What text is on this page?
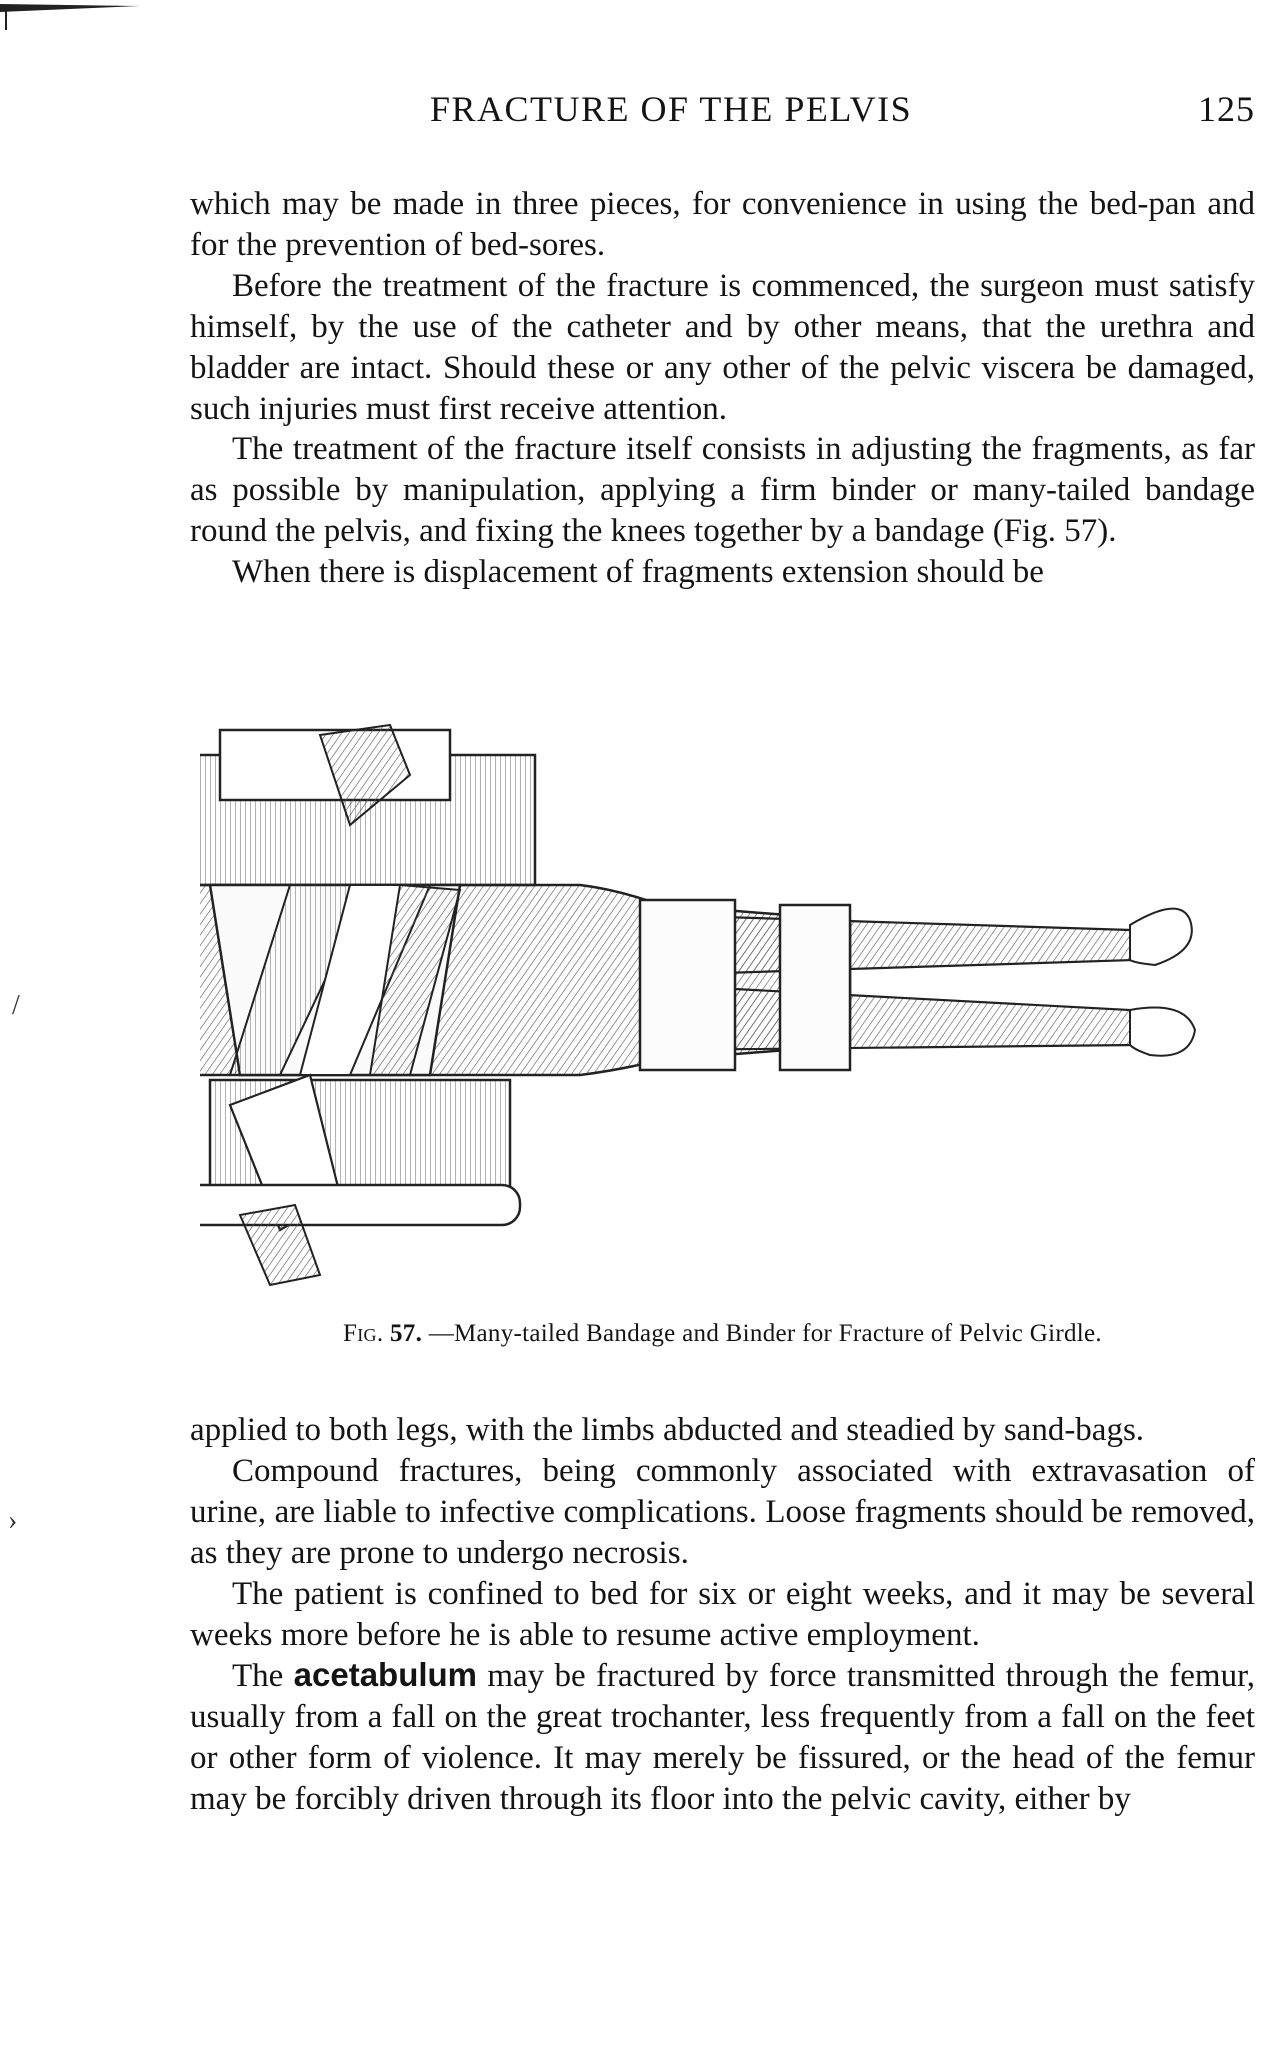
FRACTURE OF THE PELVIS	125

which may be made in three pieces, for convenience in using the bed-pan and for the prevention of bed-sores.

Before the treatment of the fracture is commenced, the surgeon must satisfy himself, by the use of the catheter and by other means, that the urethra and bladder are intact. Should these or any other of the pelvic viscera be damaged, such injuries must first receive attention.

The treatment of the fracture itself consists in adjusting the fragments, as far as possible by manipulation, applying a firm binder or many-tailed bandage round the pelvis, and fixing the knees together by a bandage (Fig. 57).

When there is displacement of fragments extension should be

Fig. 57. —Many-tailed Bandage and Binder for Fracture of Pelvic Girdle.

applied to both legs, with the limbs abducted and steadied by sand-bags.

Compound fractures, being commonly associated with extravasation of urine, are liable to infective complications. Loose fragments should be removed, as they are prone to undergo necrosis.

The patient is confined to bed for six or eight weeks, and it may be several weeks more before he is able to resume active employment.

The acetabulum may be fractured by force transmitted through the femur, usually from a fall on the great trochanter, less frequently from a fall on the feet or other form of violence. It may merely be fissured, or the head of the femur may be forcibly driven through its floor into the pelvic cavity, either by

/
›
